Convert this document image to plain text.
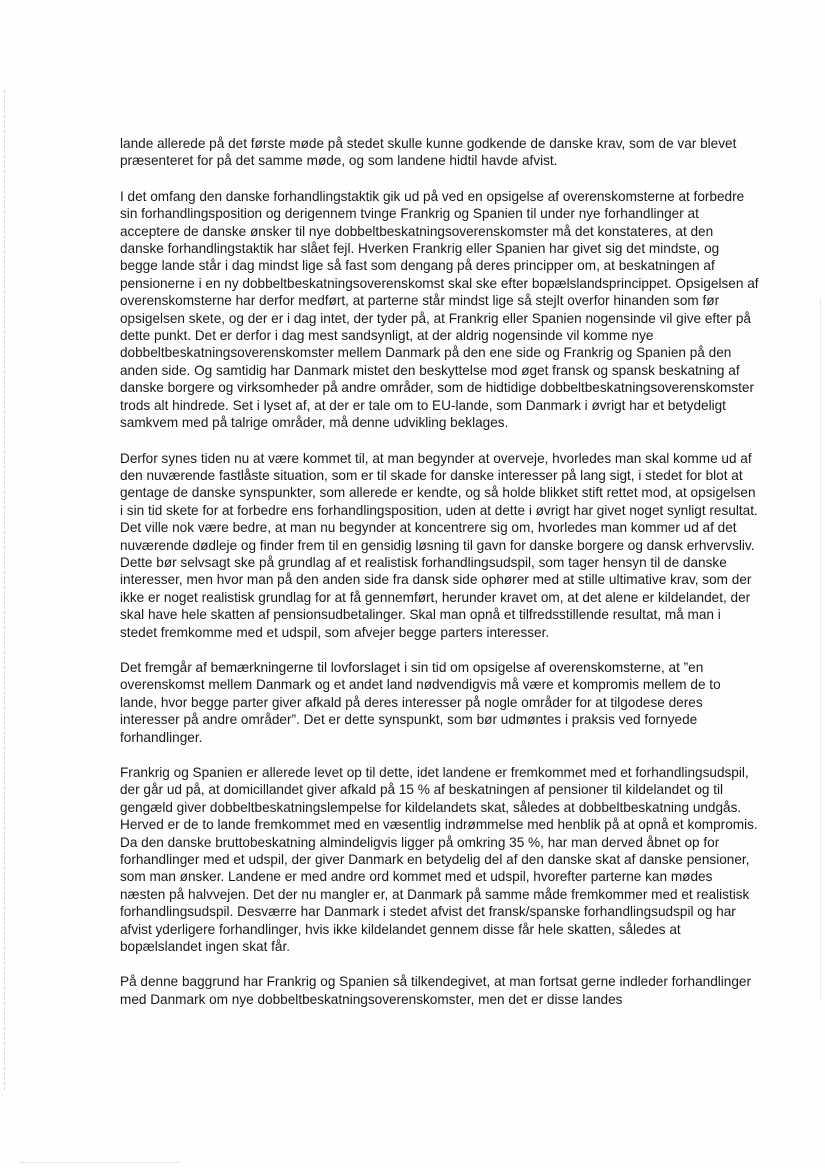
lande allerede på det første møde på stedet skulle kunne godkende de danske krav, som de var blevet præsenteret for på det samme møde, og som landene hidtil havde afvist.

I det omfang den danske forhandlingstaktik gik ud på ved en opsigelse af overenskomsterne at forbedre sin forhandlingsposition og derigennem tvinge Frankrig og Spanien til under nye forhandlinger at acceptere de danske ønsker til nye dobbeltbeskatningsoverenskomster må det konstateres, at den danske forhandlingstaktik har slået fejl. Hverken Frankrig eller Spanien har givet sig det mindste, og begge lande står i dag mindst lige så fast som dengang på deres principper om, at beskatningen af pensionerne i en ny dobbeltbeskatningsoverenskomst skal ske efter bopælslandsprincippet. Opsigelsen af overenskomsterne har derfor medført, at parterne står mindst lige så stejlt overfor hinanden som før opsigelsen skete, og der er i dag intet, der tyder på, at Frankrig eller Spanien nogensinde vil give efter på dette punkt. Det er derfor i dag mest sandsynligt, at der aldrig nogensinde vil komme nye dobbeltbeskatningsoverenskomster mellem Danmark på den ene side og Frankrig og Spanien på den anden side. Og samtidig har Danmark mistet den beskyttelse mod øget fransk og spansk beskatning af danske borgere og virksomheder på andre områder, som de hidtidige dobbeltbeskatningsoverenskomster trods alt hindrede. Set i lyset af, at der er tale om to EU-lande, som Danmark i øvrigt har et betydeligt samkvem med på talrige områder, må denne udvikling beklages.

Derfor synes tiden nu at være kommet til, at man begynder at overveje, hvorledes man skal komme ud af den nuværende fastlåste situation, som er til skade for danske interesser på lang sigt, i stedet for blot at gentage de danske synspunkter, som allerede er kendte, og så holde blikket stift rettet mod, at opsigelsen i sin tid skete for at forbedre ens forhandlingsposition, uden at dette i øvrigt har givet noget synligt resultat. Det ville nok være bedre, at man nu begynder at koncentrere sig om, hvorledes man kommer ud af det nuværende dødleje og finder frem til en gensidig løsning til gavn for danske borgere og dansk erhvervsliv. Dette bør selvsagt ske på grundlag af et realistisk forhandlingsudspil, som tager hensyn til de danske interesser, men hvor man på den anden side fra dansk side ophører med at stille ultimative krav, som der ikke er noget realistisk grundlag for at få gennemført, herunder kravet om, at det alene er kildelandet, der skal have hele skatten af pensionsudbetalinger. Skal man opnå et tilfredsstillende resultat, må man i stedet fremkomme med et udspil, som afvejer begge parters interesser.

Det fremgår af bemærkningerne til lovforslaget i sin tid om opsigelse af overenskomsterne, at ”en overenskomst mellem Danmark og et andet land nødvendigvis må være et kompromis mellem de to lande, hvor begge parter giver afkald på deres interesser på nogle områder for at tilgodese deres interesser på andre områder”. Det er dette synspunkt, som bør udmøntes i praksis ved fornyede forhandlinger.

Frankrig og Spanien er allerede levet op til dette, idet landene er fremkommet med et forhandlingsudspil, der går ud på, at domicillandet giver afkald på 15 % af beskatningen af pensioner til kildelandet og til gengæld giver dobbeltbeskatningslempelse for kildelandets skat, således at dobbeltbeskatning undgås. Herved er de to lande fremkommet med en væsentlig indrømmelse med henblik på at opnå et kompromis. Da den danske bruttobeskatning almindeligvis ligger på omkring 35 %, har man derved åbnet op for forhandlinger med et udspil, der giver Danmark en betydelig del af den danske skat af danske pensioner, som man ønsker. Landene er med andre ord kommet med et udspil, hvorefter parterne kan mødes næsten på halvvejen. Det der nu mangler er, at Danmark på samme måde fremkommer med et realistisk forhandlingsudspil. Desværre har Danmark i stedet afvist det fransk/spanske forhandlingsudspil og har afvist yderligere forhandlinger, hvis ikke kildelandet gennem disse får hele skatten, således at bopælslandet ingen skat får.

På denne baggrund har Frankrig og Spanien så tilkendegivet, at man fortsat gerne indleder forhandlinger med Danmark om nye dobbeltbeskatningsoverenskomster, men det er disse landes
